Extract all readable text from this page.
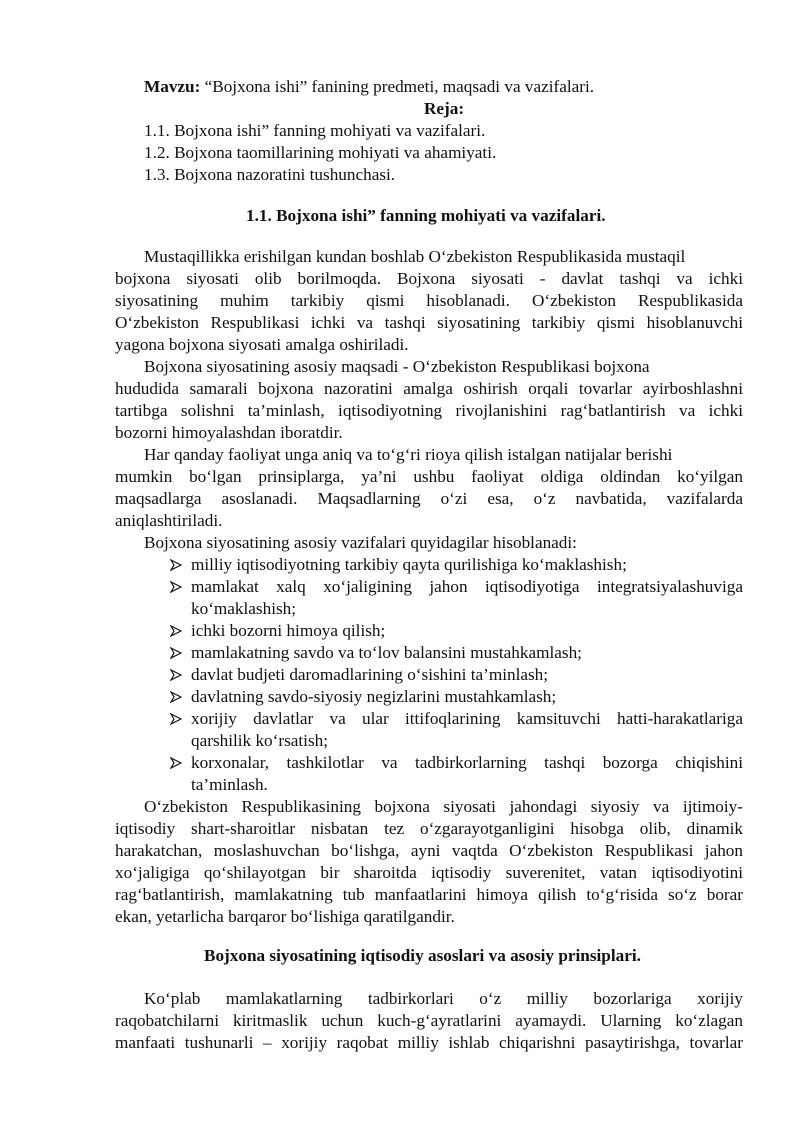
Mavzu: “Bojxona ishi” fanining predmeti, maqsadi va vazifalari.
Reja:
1.1. Bojxona ishi” fanning mohiyati va vazifalari.
1.2. Bojxona taomillarining mohiyati va ahamiyati.
1.3. Bojxona nazoratini tushunchasi.
1.1. Bojxona ishi” fanning mohiyati va vazifalari.
Mustaqillikka erishilgan kundan boshlab O‘zbekiston Respublikasida mustaqil
bojxona siyosati olib borilmoqda. Bojxona siyosati - davlat tashqi va ichki
siyosatining muhim tarkibiy qismi hisoblanadi. O‘zbekiston Respublikasida
O‘zbekiston Respublikasi ichki va tashqi siyosatining tarkibiy qismi hisoblanuvchi
yagona bojxona siyosati amalga oshiriladi.
Bojxona siyosatining asosiy maqsadi - O‘zbekiston Respublikasi bojxona
hududida samarali bojxona nazoratini amalga oshirish orqali tovarlar ayirboshlashni
tartibga solishni ta’minlash, iqtisodiyotning rivojlanishini rag‘batlantirish va ichki
bozorni himoyalashdan iboratdir.
Har qanday faoliyat unga aniq va to‘g‘ri rioya qilish istalgan natijalar berishi
mumkin bo‘lgan prinsiplarga, ya’ni ushbu faoliyat oldiga oldindan ko‘yilgan
maqsadlarga asoslanadi. Maqsadlarning o‘zi esa, o‘z navbatida, vazifalarda
aniqlashtiriladi.
Bojxona siyosatining asosiy vazifalari quyidagilar hisoblanadi:
milliy iqtisodiyotning tarkibiy qayta qurilishiga ko‘maklashish;
mamlakat xalq xo‘jaligining jahon iqtisodiyotiga integratsiyalashuviga
ko‘maklashish;
ichki bozorni himoya qilish;
mamlakatning savdo va to‘lov balansini mustahkamlash;
davlat budjeti daromadlarining o‘sishini ta’minlash;
davlatning savdo-siyosiy negizlarini mustahkamlash;
xorijiy davlatlar va ular ittifoqlarining kamsituvchi hatti-harakatlariga
qarshilik ko‘rsatish;
korxonalar, tashkilotlar va tadbirkorlarning tashqi bozorga chiqishini
ta’minlash.
O‘zbekiston Respublikasining bojxona siyosati jahondagi siyosiy va ijtimoiy-
iqtisodiy shart-sharoitlar nisbatan tez o‘zgarayotganligini hisobga olib, dinamik
harakatchan, moslashuvchan bo‘lishga, ayni vaqtda O‘zbekiston Respublikasi jahon
xo‘jaligiga qo‘shilayotgan bir sharoitda iqtisodiy suverenitet, vatan iqtisodiyotini
rag‘batlantirish, mamlakatning tub manfaatlarini himoya qilish to‘g‘risida so‘z borar
ekan, yetarlicha barqaror bo‘lishiga qaratilgandir.
Bojxona siyosatining iqtisodiy asoslari va asosiy prinsiplari.
Ko‘plab mamlakatlarning tadbirkorlari o‘z milliy bozorlariga xorijiy
raqobatchilarni kiritmaslik uchun kuch-g‘ayratlarini ayamaydi. Ularning ko‘zlagan
manfaati tushunarli – xorijiy raqobat milliy ishlab chiqarishni pasaytirishga, tovarlar
